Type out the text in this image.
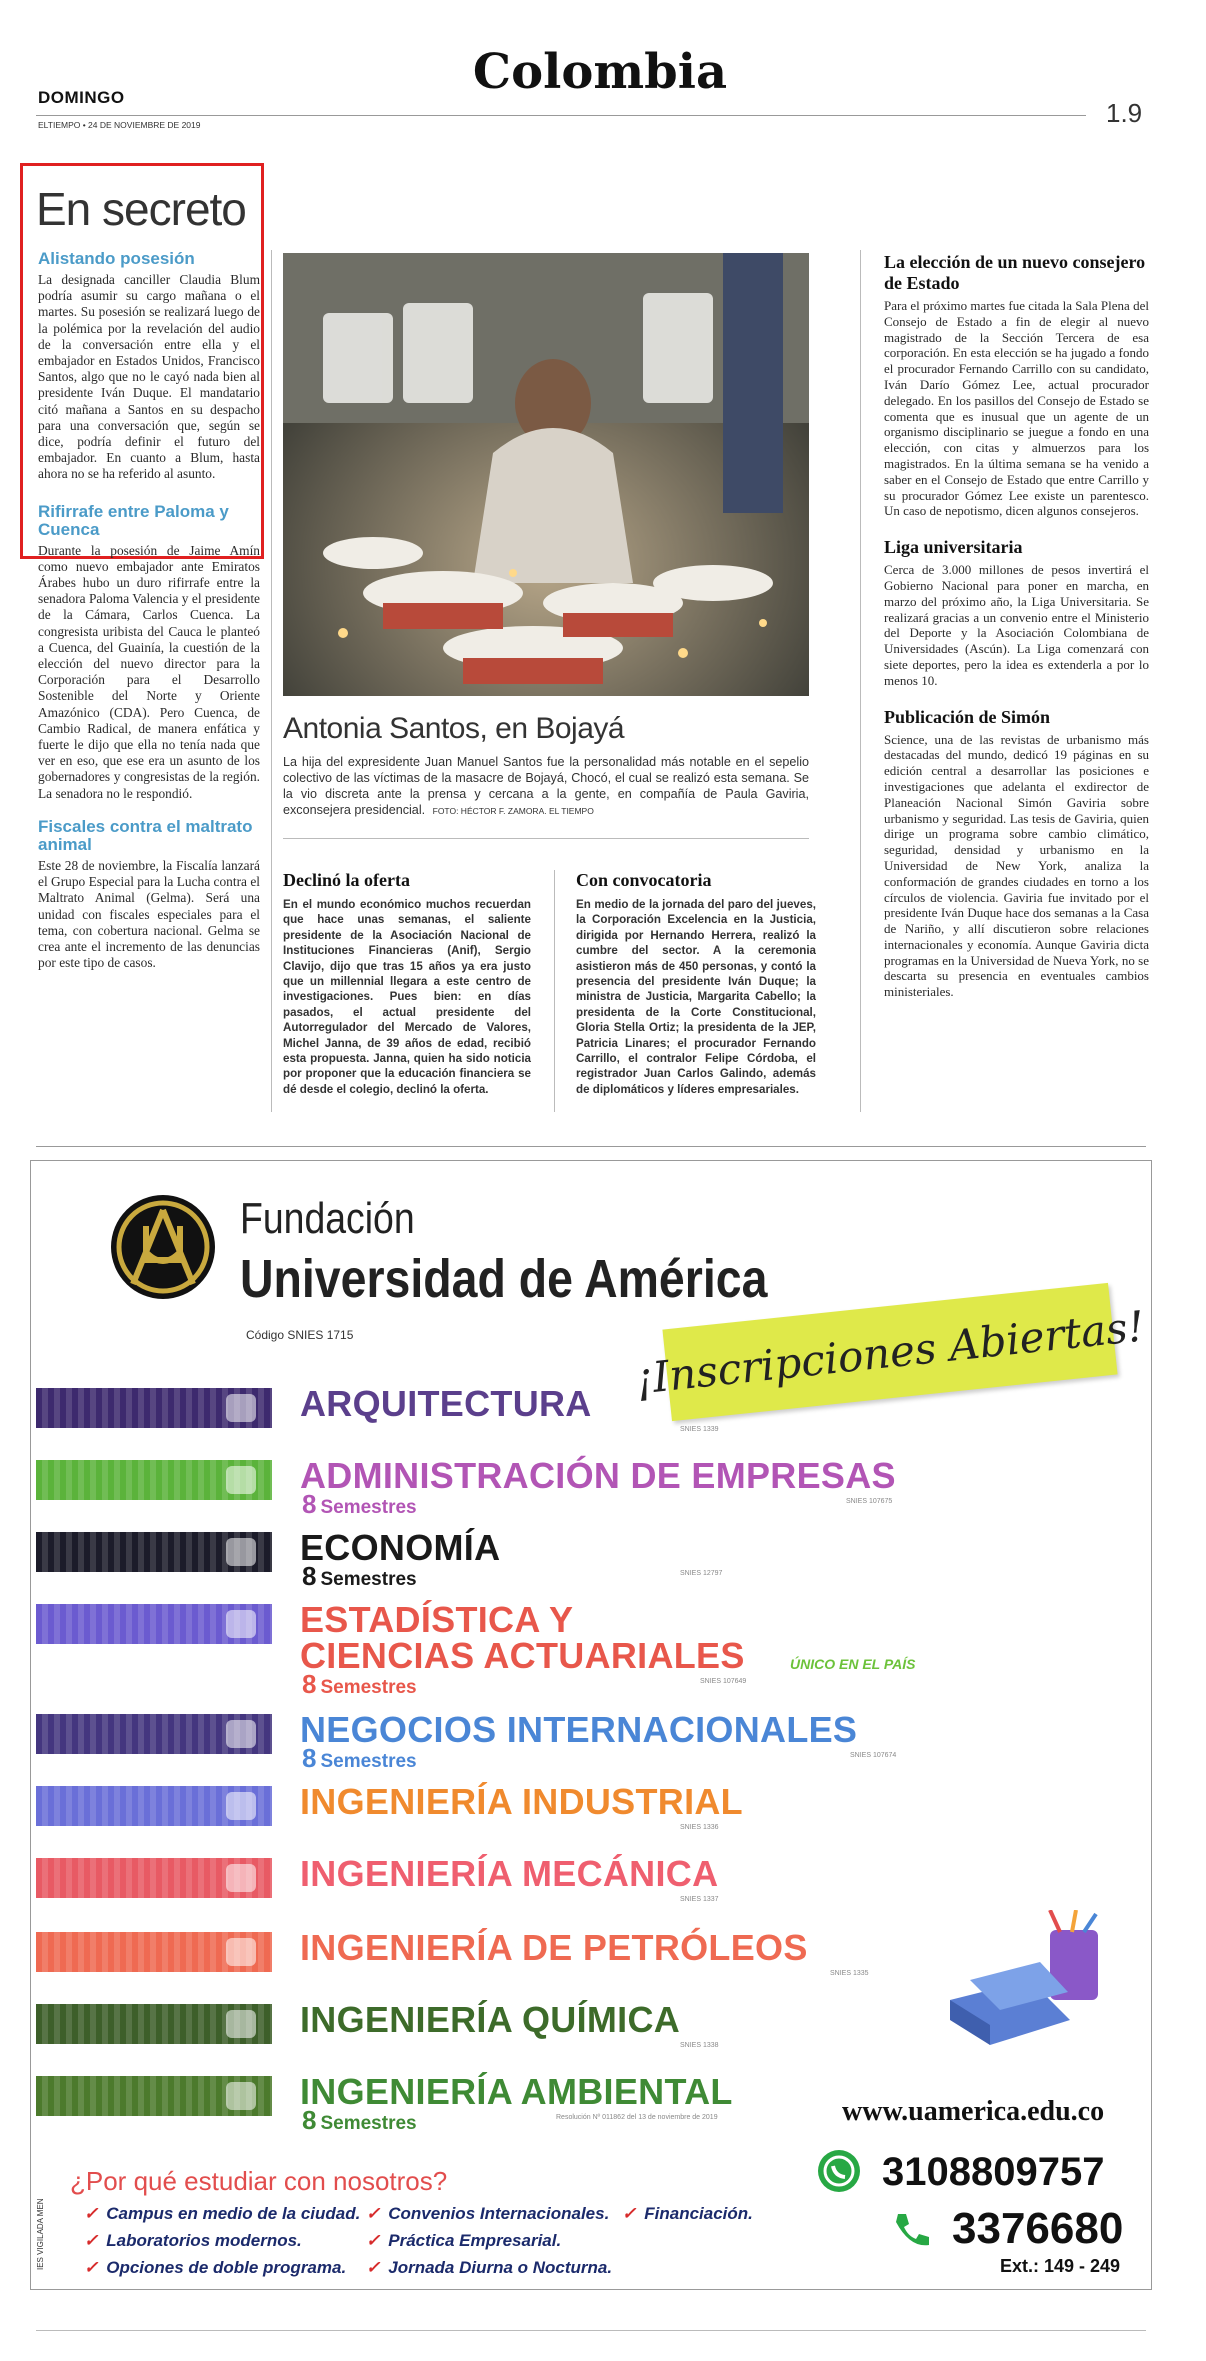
DOMINGO
ELTIEMPO • 24 DE NOVIEMBRE DE 2019
Colombia
1.9
En secreto
Alistando posesión

La designada canciller Claudia Blum podría asumir su cargo mañana o el martes. Su posesión se realizará luego de la polémica por la revelación del audio de la conversación entre ella y el embajador en Estados Unidos, Francisco Santos, algo que no le cayó nada bien al presidente Iván Duque. El mandatario citó mañana a Santos en su despacho para una conversación que, según se dice, podría definir el futuro del embajador. En cuanto a Blum, hasta ahora no se ha referido al asunto.

Rifirrafe entre Paloma y Cuenca

Durante la posesión de Jaime Amín como nuevo embajador ante Emiratos Árabes hubo un duro rifirrafe entre la senadora Paloma Valencia y el presidente de la Cámara, Carlos Cuenca. La congresista uribista del Cauca le planteó a Cuenca, del Guainía, la cuestión de la elección del nuevo director para la Corporación para el Desarrollo Sostenible del Norte y Oriente Amazónico (CDA). Pero Cuenca, de Cambio Radical, de manera enfática y fuerte le dijo que ella no tenía nada que ver en eso, que ese era un asunto de los gobernadores y congresistas de la región. La senadora no le respondió.

Fiscales contra el maltrato animal

Este 28 de noviembre, la Fiscalía lanzará el Grupo Especial para la Lucha contra el Maltrato Animal (Gelma). Será una unidad con fiscales especiales para el tema, con cobertura nacional. Gelma se crea ante el incremento de las denuncias por este tipo de casos.

Antonia Santos, en Bojayá
La hija del expresidente Juan Manuel Santos fue la personalidad más notable en el sepelio colectivo de las víctimas de la masacre de Bojayá, Chocó, el cual se realizó esta semana. Se la vio discreta ante la prensa y cercana a la gente, en compañía de Paula Gaviria, exconsejera presidencial. FOTO: HÉCTOR F. ZAMORA. EL TIEMPO
Declinó la oferta

En el mundo económico muchos recuerdan que hace unas semanas, el saliente presidente de la Asociación Nacional de Instituciones Financieras (Anif), Sergio Clavijo, dijo que tras 15 años ya era justo que un millennial llegara a este centro de investigaciones. Pues bien: en días pasados, el actual presidente del Autorregulador del Mercado de Valores, Michel Janna, de 39 años de edad, recibió esta propuesta. Janna, quien ha sido noticia por proponer que la educación financiera se dé desde el colegio, declinó la oferta.

Con convocatoria

En medio de la jornada del paro del jueves, la Corporación Excelencia en la Justicia, dirigida por Hernando Herrera, realizó la cumbre del sector. A la ceremonia asistieron más de 450 personas, y contó la presencia del presidente Iván Duque; la ministra de Justicia, Margarita Cabello; la presidenta de la Corte Constitucional, Gloria Stella Ortiz; la presidenta de la JEP, Patricia Linares; el procurador Fernando Carrillo, el contralor Felipe Córdoba, el registrador Juan Carlos Galindo, además de diplomáticos y líderes empresariales.

La elección de un nuevo consejero de Estado

Para el próximo martes fue citada la Sala Plena del Consejo de Estado a fin de elegir al nuevo magistrado de la Sección Tercera de esa corporación. En esta elección se ha jugado a fondo el procurador Fernando Carrillo con su candidato, Iván Darío Gómez Lee, actual procurador delegado. En los pasillos del Consejo de Estado se comenta que es inusual que un agente de un organismo disciplinario se juegue a fondo en una elección, con citas y almuerzos para los magistrados. En la última semana se ha venido a saber en el Consejo de Estado que entre Carrillo y su procurador Gómez Lee existe un parentesco. Un caso de nepotismo, dicen algunos consejeros.

Liga universitaria

Cerca de 3.000 millones de pesos invertirá el Gobierno Nacional para poner en marcha, en marzo del próximo año, la Liga Universitaria. Se realizará gracias a un convenio entre el Ministerio del Deporte y la Asociación Colombiana de Universidades (Ascún). La Liga comenzará con siete deportes, pero la idea es extenderla a por lo menos 10.

Publicación de Simón

Science, una de las revistas de urbanismo más destacadas del mundo, dedicó 19 páginas en su edición central a desarrollar las posiciones e investigaciones que adelanta el exdirector de Planeación Nacional Simón Gaviria sobre urbanismo y seguridad. Las tesis de Gaviria, quien dirige un programa sobre cambio climático, seguridad, densidad y urbanismo en la Universidad de New York, analiza la conformación de grandes ciudades en torno a los círculos de violencia. Gaviria fue invitado por el presidente Iván Duque hace dos semanas a la Casa de Nariño, y allí discutieron sobre relaciones internacionales y economía. Aunque Gaviria dicta programas en la Universidad de Nueva York, no se descarta su presencia en eventuales cambios ministeriales.

Fundación
Universidad de América
Código SNIES 1715	¡Inscripciones Abiertas!
ARQUITECTURA
SNIES 1339
ADMINISTRACIÓN DE EMPRESAS
8 Semestres	SNIES 107675
ECONOMÍA
8 Semestres	SNIES 12797
ESTADÍSTICA Y
CIENCIAS ACTUARIALES	ÚNICO EN EL PAÍS
8 Semestres	SNIES 107649
NEGOCIOS INTERNACIONALES
8 Semestres	SNIES 107674
INGENIERÍA INDUSTRIAL
SNIES 1336
INGENIERÍA MECÁNICA
SNIES 1337
INGENIERÍA DE PETRÓLEOS
SNIES 1335
INGENIERÍA QUÍMICA
SNIES 1338
INGENIERÍA AMBIENTAL
8 Semestres	Resolución Nº 011862 del 13 de noviembre de 2019
¿Por qué estudiar con nosotros?
✓ Campus en medio de la ciudad.
✓ Laboratorios modernos.
✓ Opciones de doble programa.
✓ Convenios Internacionales.
✓ Práctica Empresarial.
✓ Jornada Diurna o Nocturna.
✓ Financiación.
IES VIGILADA MEN
www.uamerica.edu.co
3108809757
3376680
Ext.: 149 - 249
